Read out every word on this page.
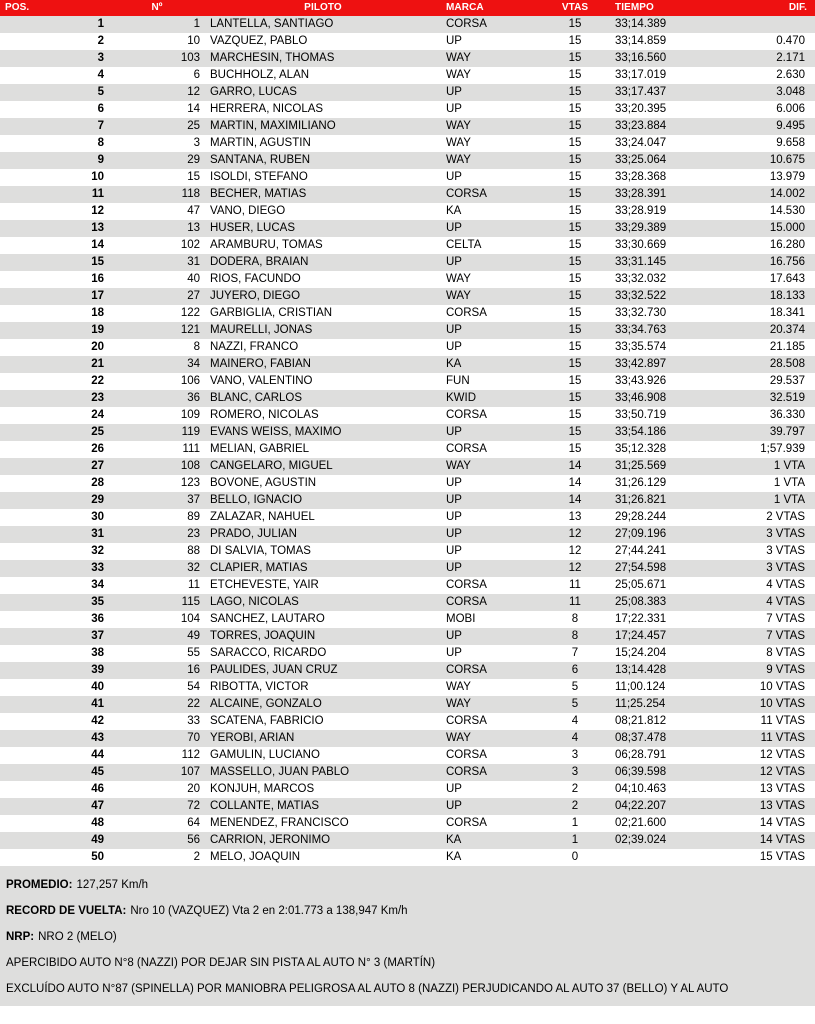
POS.	Nº	PILOTO	MARCA	VTAS	TIEMPO	DIF.
1	1	LANTELLA, SANTIAGO	CORSA	15	33;14.389	
2	10	VAZQUEZ, PABLO	UP	15	33;14.859	0.470
3	103	MARCHESIN, THOMAS	WAY	15	33;16.560	2.171
4	6	BUCHHOLZ, ALAN	WAY	15	33;17.019	2.630
5	12	GARRO, LUCAS	UP	15	33;17.437	3.048
6	14	HERRERA, NICOLAS	UP	15	33;20.395	6.006
7	25	MARTIN, MAXIMILIANO	WAY	15	33;23.884	9.495
8	3	MARTIN, AGUSTIN	WAY	15	33;24.047	9.658
9	29	SANTANA, RUBEN	WAY	15	33;25.064	10.675
10	15	ISOLDI, STEFANO	UP	15	33;28.368	13.979
11	118	BECHER, MATIAS	CORSA	15	33;28.391	14.002
12	47	VANO, DIEGO	KA	15	33;28.919	14.530
13	13	HUSER, LUCAS	UP	15	33;29.389	15.000
14	102	ARAMBURU, TOMAS	CELTA	15	33;30.669	16.280
15	31	DODERA, BRAIAN	UP	15	33;31.145	16.756
16	40	RIOS, FACUNDO	WAY	15	33;32.032	17.643
17	27	JUYERO, DIEGO	WAY	15	33;32.522	18.133
18	122	GARBIGLIA, CRISTIAN	CORSA	15	33;32.730	18.341
19	121	MAURELLI, JONAS	UP	15	33;34.763	20.374
20	8	NAZZI, FRANCO	UP	15	33;35.574	21.185
21	34	MAINERO, FABIAN	KA	15	33;42.897	28.508
22	106	VANO, VALENTINO	FUN	15	33;43.926	29.537
23	36	BLANC, CARLOS	KWID	15	33;46.908	32.519
24	109	ROMERO, NICOLAS	CORSA	15	33;50.719	36.330
25	119	EVANS WEISS, MAXIMO	UP	15	33;54.186	39.797
26	111	MELIAN, GABRIEL	CORSA	15	35;12.328	1;57.939
27	108	CANGELARO, MIGUEL	WAY	14	31;25.569	1 VTA
28	123	BOVONE, AGUSTIN	UP	14	31;26.129	1 VTA
29	37	BELLO, IGNACIO	UP	14	31;26.821	1 VTA
30	89	ZALAZAR, NAHUEL	UP	13	29;28.244	2 VTAS
31	23	PRADO, JULIAN	UP	12	27;09.196	3 VTAS
32	88	DI SALVIA, TOMAS	UP	12	27;44.241	3 VTAS
33	32	CLAPIER, MATIAS	UP	12	27;54.598	3 VTAS
34	11	ETCHEVESTE, YAIR	CORSA	11	25;05.671	4 VTAS
35	115	LAGO, NICOLAS	CORSA	11	25;08.383	4 VTAS
36	104	SANCHEZ, LAUTARO	MOBI	8	17;22.331	7 VTAS
37	49	TORRES, JOAQUIN	UP	8	17;24.457	7 VTAS
38	55	SARACCO, RICARDO	UP	7	15;24.204	8 VTAS
39	16	PAULIDES, JUAN CRUZ	CORSA	6	13;14.428	9 VTAS
40	54	RIBOTTA, VICTOR	WAY	5	11;00.124	10 VTAS
41	22	ALCAINE, GONZALO	WAY	5	11;25.254	10 VTAS
42	33	SCATENA, FABRICIO	CORSA	4	08;21.812	11 VTAS
43	70	YEROBI, ARIAN	WAY	4	08;37.478	11 VTAS
44	112	GAMULIN, LUCIANO	CORSA	3	06;28.791	12 VTAS
45	107	MASSELLO, JUAN PABLO	CORSA	3	06;39.598	12 VTAS
46	20	KONJUH, MARCOS	UP	2	04;10.463	13 VTAS
47	72	COLLANTE, MATIAS	UP	2	04;22.207	13 VTAS
48	64	MENENDEZ, FRANCISCO	CORSA	1	02;21.600	14 VTAS
49	56	CARRION, JERONIMO	KA	1	02;39.024	14 VTAS
50	2	MELO, JOAQUIN	KA	0		15 VTAS
PROMEDIO: 127,257 Km/h
RECORD DE VUELTA: Nro 10 (VAZQUEZ) Vta 2 en 2:01.773 a 138,947 Km/h
NRP: NRO 2 (MELO)
APERCIBIDO AUTO N°8 (NAZZI) POR DEJAR SIN PISTA AL AUTO N° 3 (MARTÍN)
EXCLUÍDO AUTO N°87 (SPINELLA) POR MANIOBRA PELIGROSA AL AUTO 8 (NAZZI) PERJUDICANDO AL AUTO 37 (BELLO) Y AL AUTO
